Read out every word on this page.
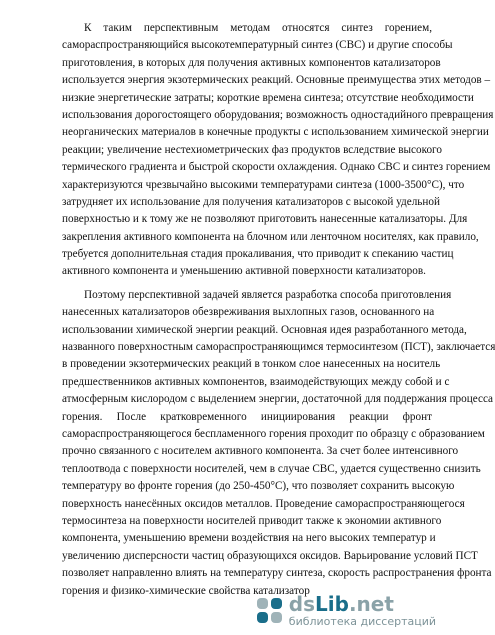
К таким перспективным методам относятся синтез горением,
самораспространяющийся высокотемпературный синтез (СВС) и другие способы
приготовления, в которых для получения активных компонентов катализаторов
используется энергия экзотермических реакций. Основные преимущества этих методов –
низкие энергетические затраты; короткие времена синтеза; отсутствие необходимости
использования дорогостоящего оборудования; возможность одностадийного превращения
неорганических материалов в конечные продукты с использованием химической энергии
реакции; увеличение нестехиометрических фаз продуктов вследствие высокого
термического градиента и быстрой скорости охлаждения. Однако СВС и синтез горением
характеризуются чрезвычайно высокими температурами синтеза (1000-3500°С), что
затрудняет их использование для получения катализаторов с высокой удельной
поверхностью и к тому же не позволяют приготовить нанесенные катализаторы. Для
закрепления активного компонента на блочном или ленточном носителях, как правило,
требуется дополнительная стадия прокаливания, что приводит к спеканию частиц
активного компонента и уменьшению активной поверхности катализаторов.
Поэтому перспективной задачей является разработка способа приготовления
нанесенных катализаторов обезвреживания выхлопных газов, основанного на
использовании химической энергии реакций. Основная идея разработанного метода,
названного поверхностным самораспространяющимся термосинтезом (ПСТ), заключается
в проведении экзотермических реакций в тонком слое нанесенных на носитель
предшественников активных компонентов, взаимодействующих между собой и с
атмосферным кислородом с выделением энергии, достаточной для поддержания процесса
горения. После кратковременного инициирования реакции фронт
самораспространяющегося беспламенного горения проходит по образцу с образованием
прочно связанного с носителем активного компонента. За счет более интенсивного
теплоотвода с поверхности носителей, чем в случае СВС, удается существенно снизить
температуру во фронте горения (до 250-450°С), что позволяет сохранить высокую
поверхность нанесённых оксидов металлов. Проведение самораспространяющегося
термосинтеза на поверхности носителей приводит также к экономии активного
компонента, уменьшению времени воздействия на него высоких температур и
увеличению дисперсности частиц образующихся оксидов. Варьирование условий ПСТ
позволяет направленно влиять на температуру синтеза, скорость распространения фронта
горения и физико-химические свойства катализатор
dsLib.net
библиотека диссертаций
